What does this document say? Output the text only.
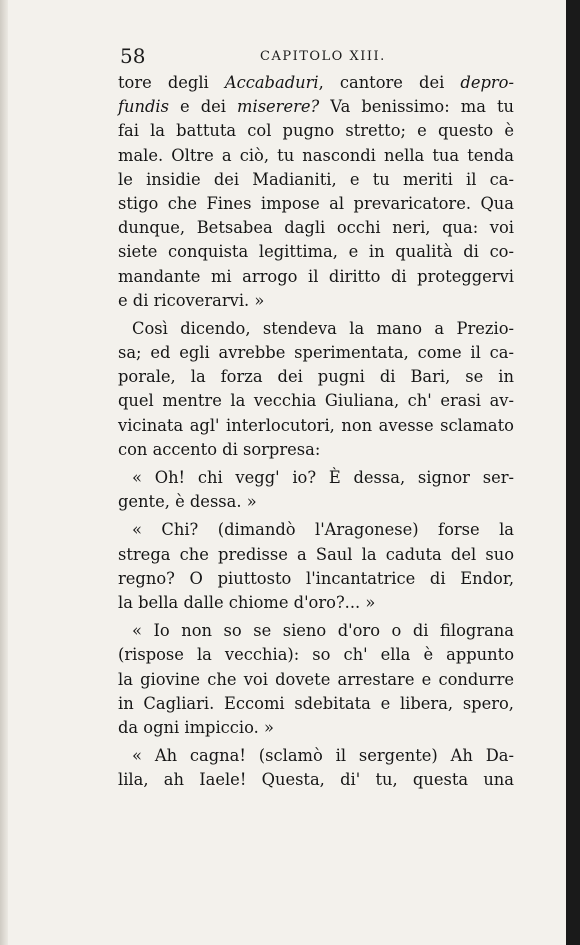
58	CAPITOLO XIII.
tore degli Accabaduri, cantore dei depro-
fundis e dei miserere? Va benissimo: ma tu
fai la battuta col pugno stretto; e questo è
male. Oltre a ciò, tu nascondi nella tua tenda
le insidie dei Madianiti, e tu meriti il ca-
stigo che Fines impose al prevaricatore. Qua
dunque, Betsabea dagli occhi neri, qua: voi
siete conquista legittima, e in qualità di co-
mandante mi arrogo il diritto di proteggervi
e di ricoverarvi. »
Così dicendo, stendeva la mano a Prezio-
sa; ed egli avrebbe sperimentata, come il ca-
porale, la forza dei pugni di Bari, se in
quel mentre la vecchia Giuliana, ch' erasi av-
vicinata agl' interlocutori, non avesse sclamato
con accento di sorpresa:
« Oh! chi vegg' io? È dessa, signor ser-
gente, è dessa. »
« Chi? (dimandò l'Aragonese) forse la
strega che predisse a Saul la caduta del suo
regno? O piuttosto l'incantatrice di Endor,
la bella dalle chiome d'oro?... »
« Io non so se sieno d'oro o di filograna
(rispose la vecchia): so ch' ella è appunto
la giovine che voi dovete arrestare e condurre
in Cagliari. Eccomi sdebitata e libera, spero,
da ogni impiccio. »
« Ah cagna! (sclamò il sergente) Ah Da-
lila, ah Iaele! Questa, di' tu, questa una
